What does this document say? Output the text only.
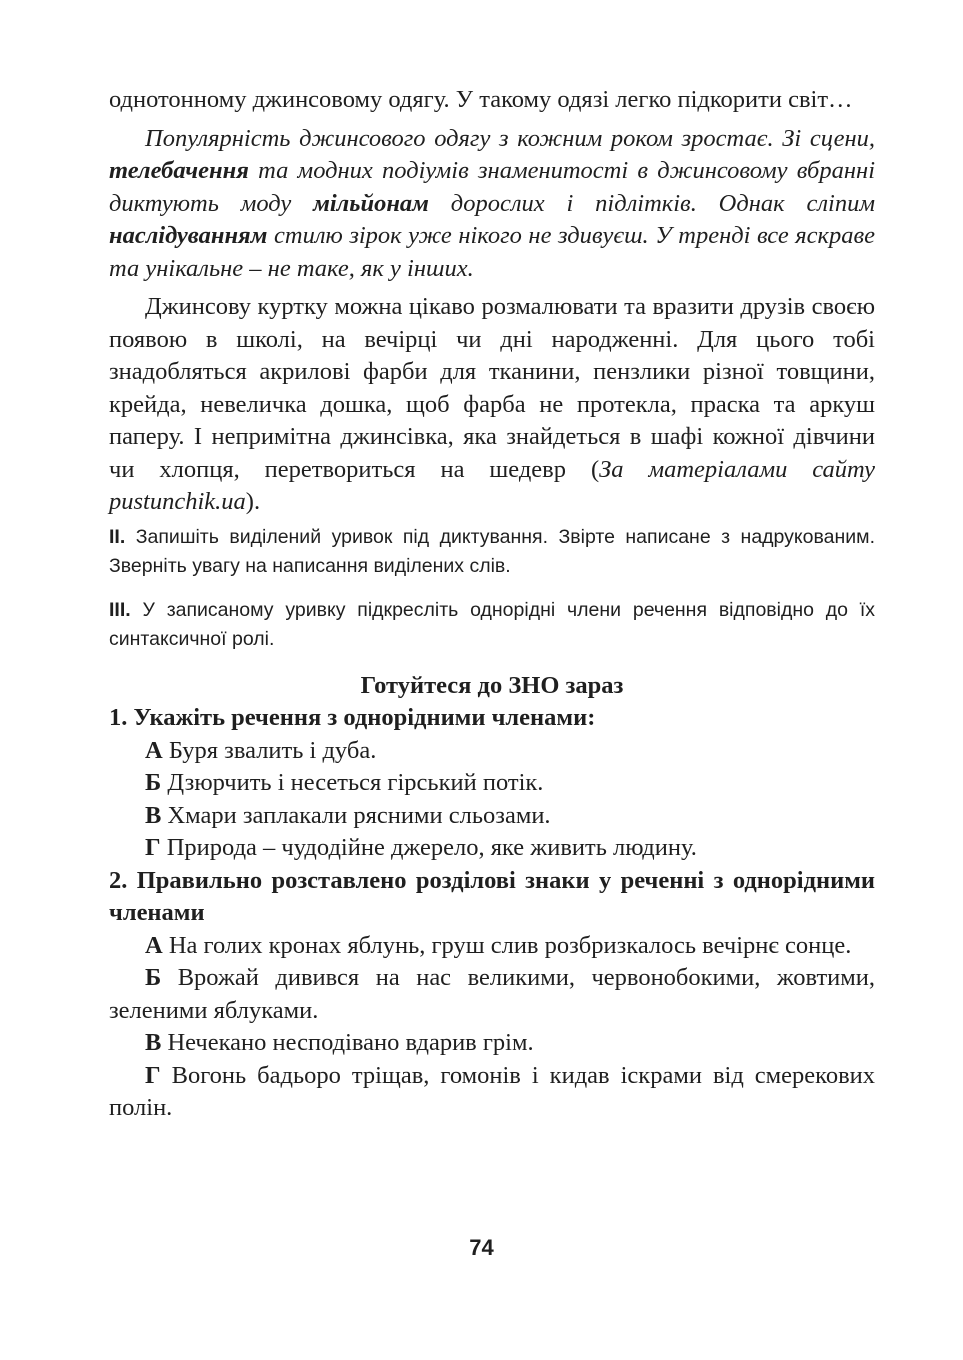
однотонному джинсовому одягу. У такому одязі легко підкорити світ…

Популярність джинсового одягу з кожним роком зростає. Зі сцени, телебачення та модних подіумів знаменитості в джинсовому вбранні диктують моду мільйонам дорослих і підлітків. Однак сліпим наслідуванням стилю зірок уже нікого не здивуєш. У тренді все яскраве та унікальне – не таке, як у інших.

Джинсову куртку можна цікаво розмалювати та вразити друзів своєю появою в школі, на вечірці чи дні народженні. Для цього тобі знадобляться акрилові фарби для тканини, пензлики різної товщини, крейда, невеличка дошка, щоб фарба не протекла, праска та аркуш паперу. І непримітна джинсівка, яка знайдеться в шафі кожної дівчини чи хлопця, перетвориться на шедевр (За матеріалами сайту pustunchik.ua).

II. Запишіть виділений уривок під диктування. Звірте написане з надрукованим. Зверніть увагу на написання виділених слів.

III. У записаному уривку підкресліть однорідні члени речення відповідно до їх синтаксичної ролі.

Готуйтеся до ЗНО зараз
1. Укажіть речення з однорідними членами:
А Буря звалить і дуба.
Б Дзюрчить і несеться гірський потік.
В Хмари заплакали рясними сльозами.
Г Природа – чудодійне джерело, яке живить людину.
2. Правильно розставлено розділові знаки у реченні з однорідними членами
А На голих кронах яблунь, груш слив розбризкалось вечірнє сонце.
Б Врожай дивився на нас великими, червонобокими, жовтими, зеленими яблуками.
В Нечекано несподівано вдарив грім.
Г Вогонь бадьоро тріщав, гомонів і кидав іскрами від смерекових полін.
74
